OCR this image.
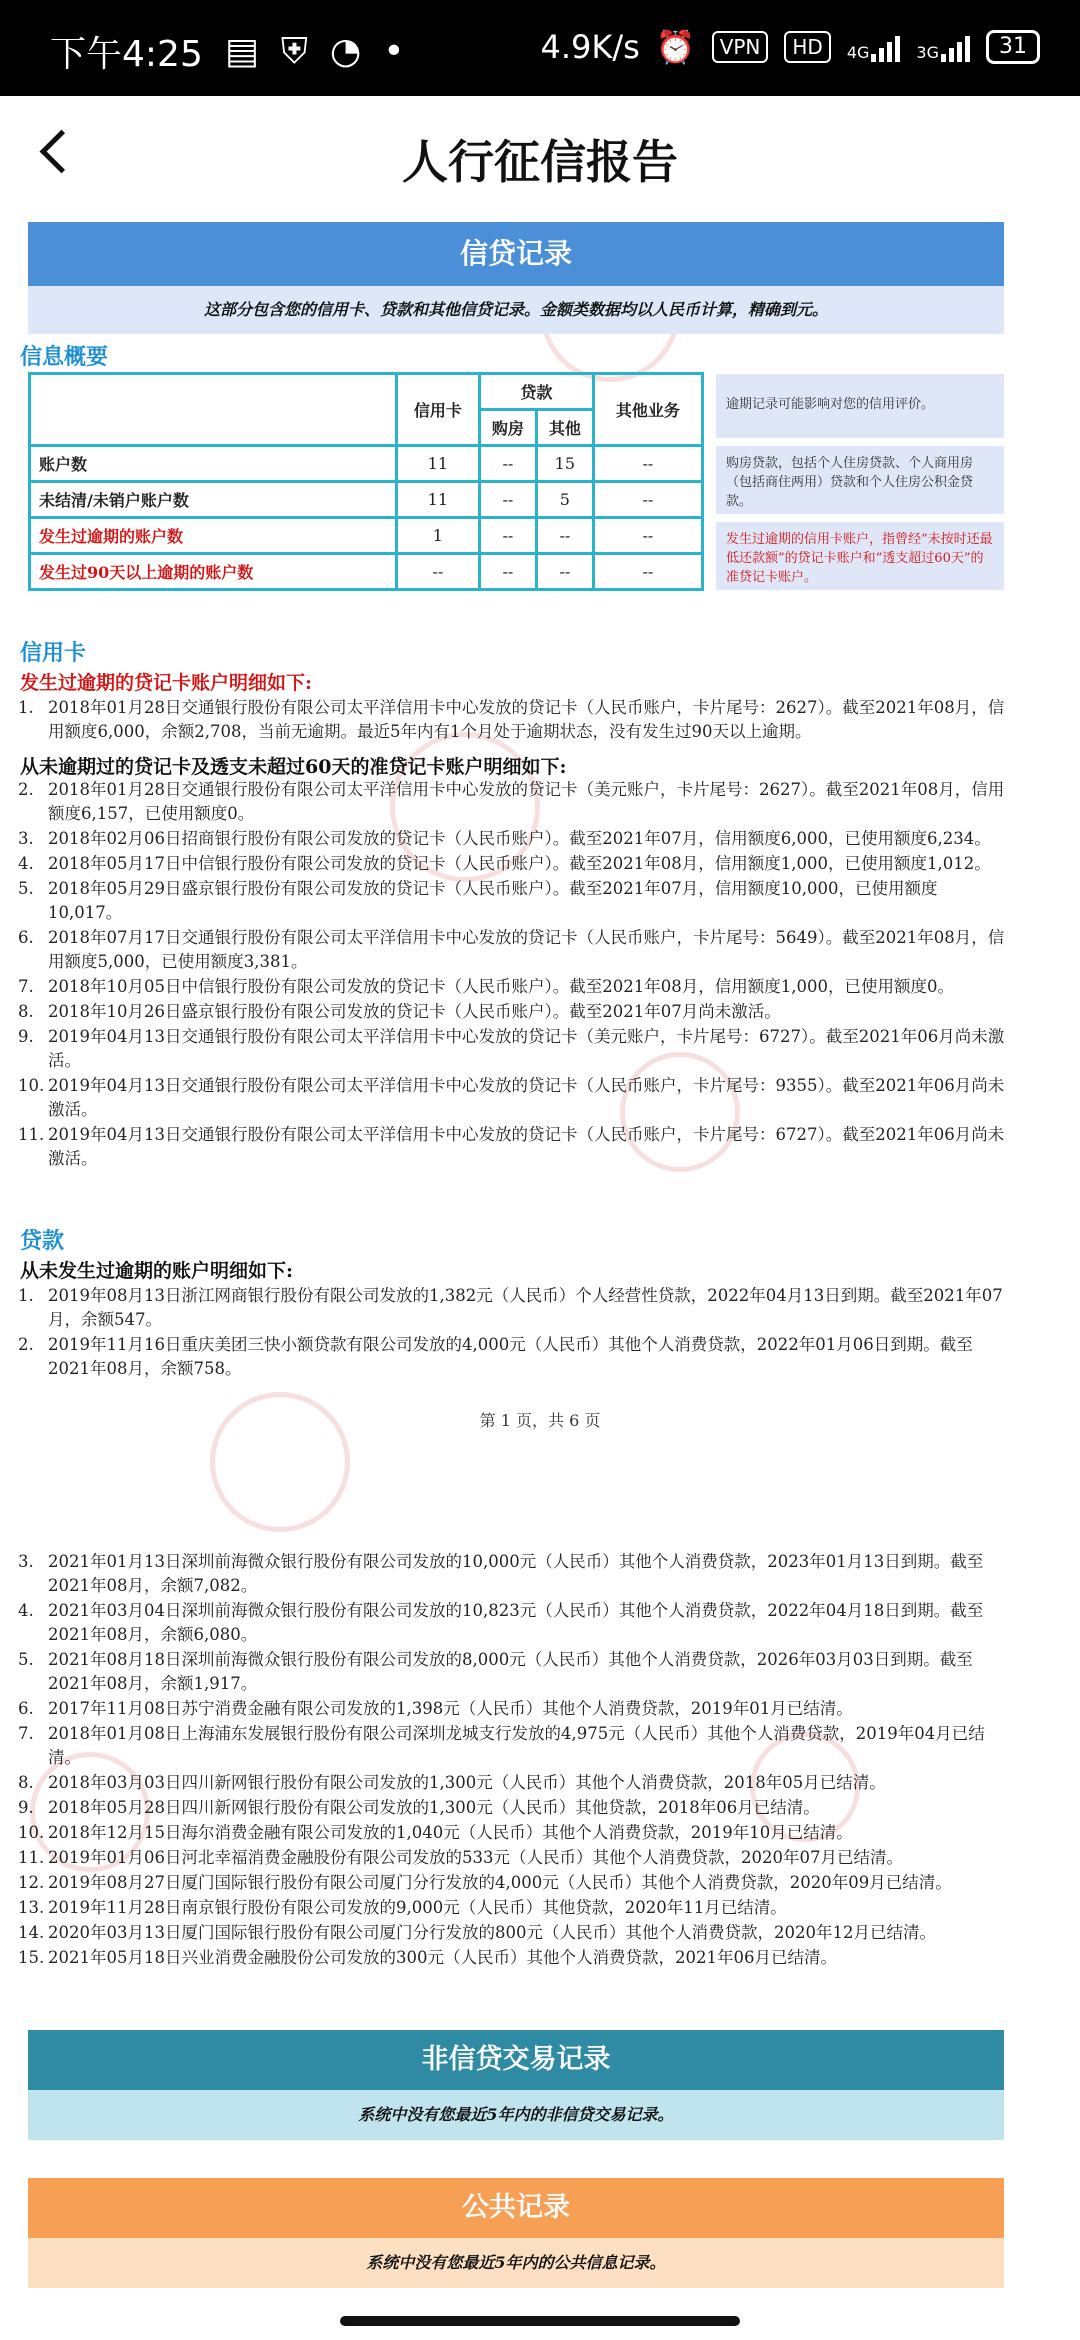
下午4:25 ▤ ⛨ ◔ •	4.9K/s ⏰	VPN	HD	4G	3G	31
人行征信报告
信贷记录
这部分包含您的信用卡、贷款和其他信贷记录。金额类数据均以人民币计算，精确到元。
信息概要
	信用卡	贷款		其他业务
		购房	其他	
账户数	11	--	15	--
未结清/未销户账户数	11	--	5	--
发生过逾期的账户数	1	--	--	--
发生过90天以上逾期的账户数	--	--	--	--
逾期记录可能影响对您的信用评价。
购房贷款，包括个人住房贷款、个人商用房（包括商住两用）贷款和个人住房公积金贷款。
发生过逾期的信用卡账户，指曾经“未按时还最低还款额”的贷记卡账户和“透支超过60天”的准贷记卡账户。
信用卡
发生过逾期的贷记卡账户明细如下:
1. 2018年01月28日交通银行股份有限公司太平洋信用卡中心发放的贷记卡（人民币账户，卡片尾号：2627）。截至2021年08月，信用额度6,000，余额2,708，当前无逾期。最近5年内有1个月处于逾期状态，没有发生过90天以上逾期。
从未逾期过的贷记卡及透支未超过60天的准贷记卡账户明细如下:
2. 2018年01月28日交通银行股份有限公司太平洋信用卡中心发放的贷记卡（美元账户，卡片尾号：2627）。截至2021年08月，信用额度6,157，已使用额度0。
3. 2018年02月06日招商银行股份有限公司发放的贷记卡（人民币账户）。截至2021年07月，信用额度6,000，已使用额度6,234。
4. 2018年05月17日中信银行股份有限公司发放的贷记卡（人民币账户）。截至2021年08月，信用额度1,000，已使用额度1,012。
5. 2018年05月29日盛京银行股份有限公司发放的贷记卡（人民币账户）。截至2021年07月，信用额度10,000，已使用额度10,017。
6. 2018年07月17日交通银行股份有限公司太平洋信用卡中心发放的贷记卡（人民币账户，卡片尾号：5649）。截至2021年08月，信用额度5,000，已使用额度3,381。
7. 2018年10月05日中信银行股份有限公司发放的贷记卡（人民币账户）。截至2021年08月，信用额度1,000，已使用额度0。
8. 2018年10月26日盛京银行股份有限公司发放的贷记卡（人民币账户）。截至2021年07月尚未激活。
9. 2019年04月13日交通银行股份有限公司太平洋信用卡中心发放的贷记卡（美元账户，卡片尾号：6727）。截至2021年06月尚未激活。
10. 2019年04月13日交通银行股份有限公司太平洋信用卡中心发放的贷记卡（人民币账户，卡片尾号：9355）。截至2021年06月尚未激活。
11. 2019年04月13日交通银行股份有限公司太平洋信用卡中心发放的贷记卡（人民币账户，卡片尾号：6727）。截至2021年06月尚未激活。
贷款
从未发生过逾期的账户明细如下:
1. 2019年08月13日浙江网商银行股份有限公司发放的1,382元（人民币）个人经营性贷款，2022年04月13日到期。截至2021年07月，余额547。
2. 2019年11月16日重庆美团三快小额贷款有限公司发放的4,000元（人民币）其他个人消费贷款，2022年01月06日到期。截至2021年08月，余额758。
第 1 页，共 6 页
3. 2021年01月13日深圳前海微众银行股份有限公司发放的10,000元（人民币）其他个人消费贷款，2023年01月13日到期。截至2021年08月，余额7,082。
4. 2021年03月04日深圳前海微众银行股份有限公司发放的10,823元（人民币）其他个人消费贷款，2022年04月18日到期。截至2021年08月，余额6,080。
5. 2021年08月18日深圳前海微众银行股份有限公司发放的8,000元（人民币）其他个人消费贷款，2026年03月03日到期。截至2021年08月，余额1,917。
6. 2017年11月08日苏宁消费金融有限公司发放的1,398元（人民币）其他个人消费贷款，2019年01月已结清。
7. 2018年01月08日上海浦东发展银行股份有限公司深圳龙城支行发放的4,975元（人民币）其他个人消费贷款，2019年04月已结清。
8. 2018年03月03日四川新网银行股份有限公司发放的1,300元（人民币）其他个人消费贷款，2018年05月已结清。
9. 2018年05月28日四川新网银行股份有限公司发放的1,300元（人民币）其他贷款，2018年06月已结清。
10. 2018年12月15日海尔消费金融有限公司发放的1,040元（人民币）其他个人消费贷款，2019年10月已结清。
11. 2019年01月06日河北幸福消费金融股份有限公司发放的533元（人民币）其他个人消费贷款，2020年07月已结清。
12. 2019年08月27日厦门国际银行股份有限公司厦门分行发放的4,000元（人民币）其他个人消费贷款，2020年09月已结清。
13. 2019年11月28日南京银行股份有限公司发放的9,000元（人民币）其他贷款，2020年11月已结清。
14. 2020年03月13日厦门国际银行股份有限公司厦门分行发放的800元（人民币）其他个人消费贷款，2020年12月已结清。
15. 2021年05月18日兴业消费金融股份公司发放的300元（人民币）其他个人消费贷款，2021年06月已结清。
非信贷交易记录
系统中没有您最近5年内的非信贷交易记录。
公共记录
系统中没有您最近5年内的公共信息记录。
